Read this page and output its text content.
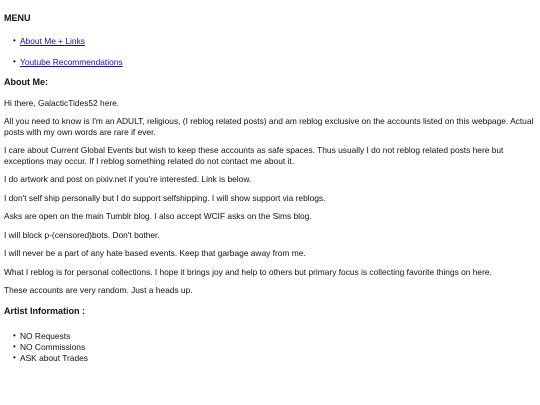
MENU
• About Me + Links
• Youtube Recommendations
About Me:

Hi there, GalacticTides52 here.

All you need to know is I'm an ADULT, religious, (I reblog related posts) and am reblog exclusive on the accounts listed on this webpage. Actual posts with my own words are rare if ever.

I care about Current Global Events but wish to keep these accounts as safe spaces. Thus usually I do not reblog related posts here but exceptions may occur. If I reblog something related do not contact me about it.

I do artwork and post on pixiv.net if you're interested. Link is below.

I don't self ship personally but I do support selfshipping. I will show support via reblogs.

Asks are open on the main Tumblr blog. I also accept WCIF asks on the Sims blog.

I will block p-(censored)bots. Don't bother.

I will never be a part of any hate based events. Keep that garbage away from me.

What I reblog is for personal collections. I hope it brings joy and help to others but primary focus is collecting favorite things on here.

These accounts are very random. Just a heads up.

Artist Information :
• NO Requests
• NO Commissions
• ASK about Trades
